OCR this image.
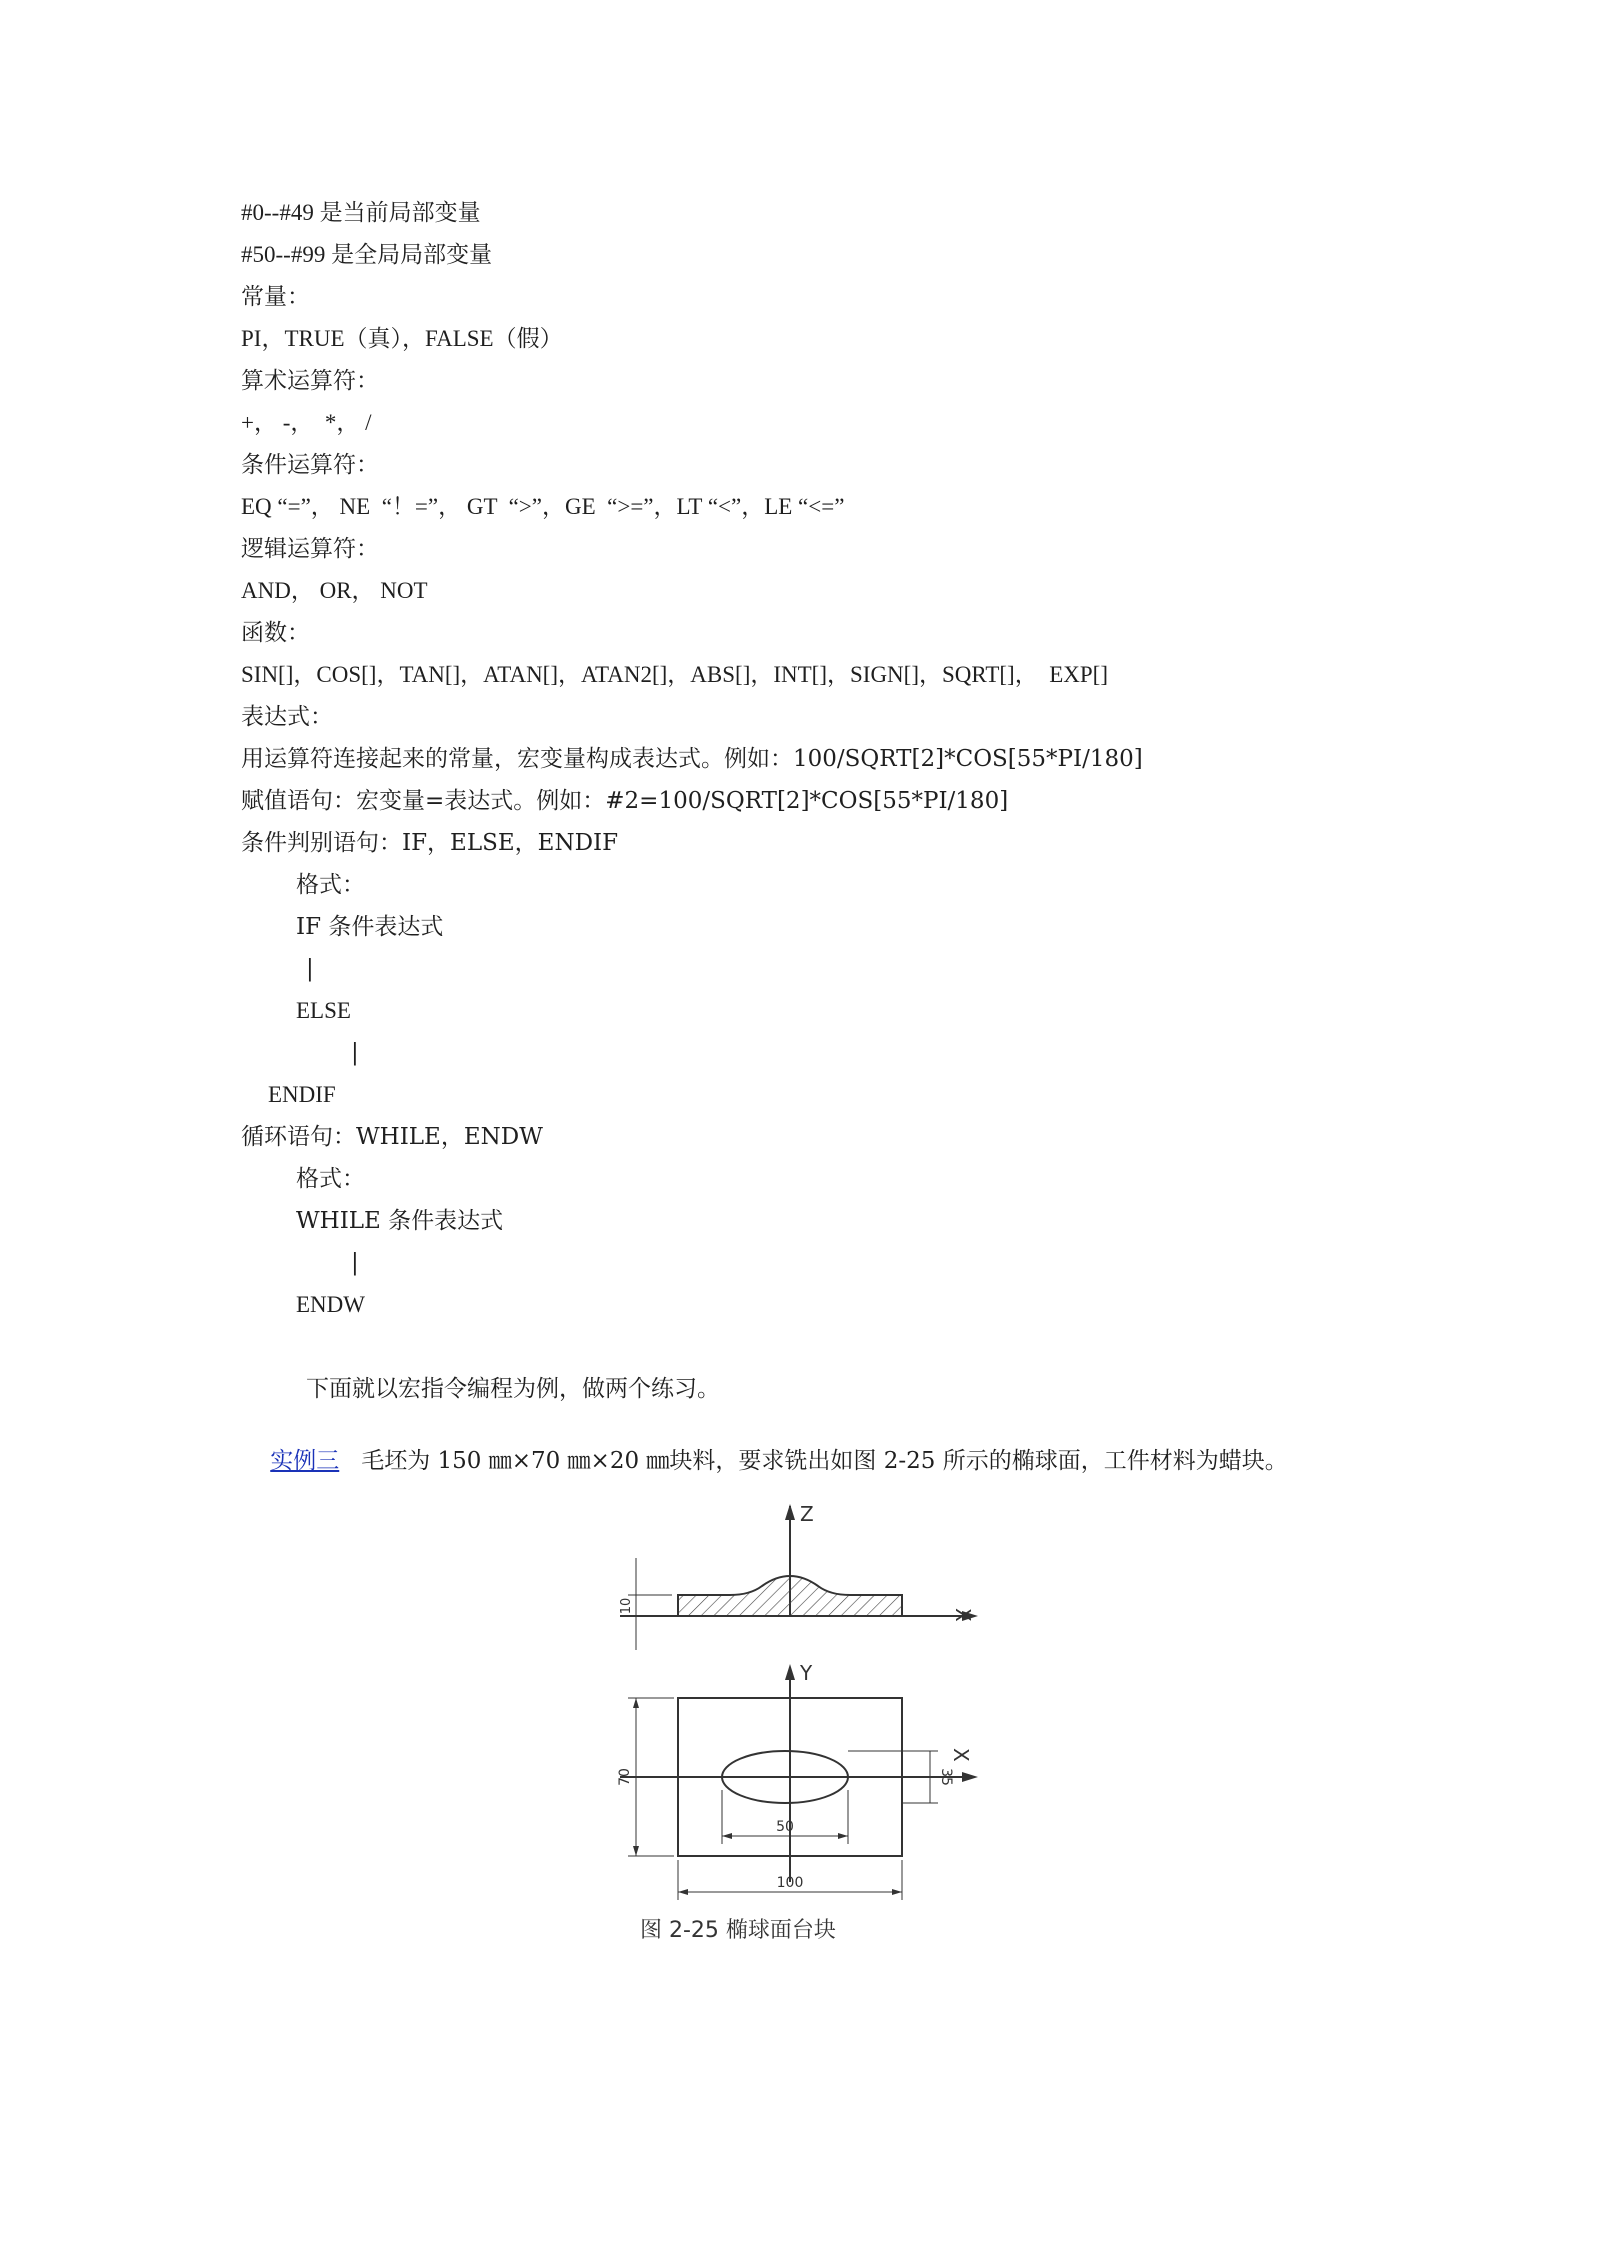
#0--#49 是当前局部变量
#50--#99 是全局局部变量
常量：
PI，TRUE（真），FALSE（假）
算术运算符：
+， -，  *， /
条件运算符：
EQ “=”， NE  “！=”， GT  “>”，GE  “>=”，LT “<”，LE “<=”
逻辑运算符：
AND， OR， NOT
函数：
SIN[]，COS[]，TAN[]，ATAN[]，ATAN2[]，ABS[]，INT[]，SIGN[]，SQRT[]，  EXP[]
表达式：
用运算符连接起来的常量，宏变量构成表达式。例如：100/SQRT[2]*COS[55*PI/180]
赋值语句：宏变量=表达式。例如：#2=100/SQRT[2]*COS[55*PI/180]
条件判别语句：IF，ELSE，ENDIF
格式：
IF 条件表达式
|
ELSE
|
ENDIF
循环语句：WHILE，ENDW
格式：
WHILE 条件表达式
|
ENDW
下面就以宏指令编程为例，做两个练习。

实例三 毛坯为 150 ㎜×70 ㎜×20 ㎜块料，要求铣出如图 2-25 所示的椭球面，工件材料为蜡块。

Z
X
10
Y
X
70	35
50
100
图 2-25 椭球面台块
